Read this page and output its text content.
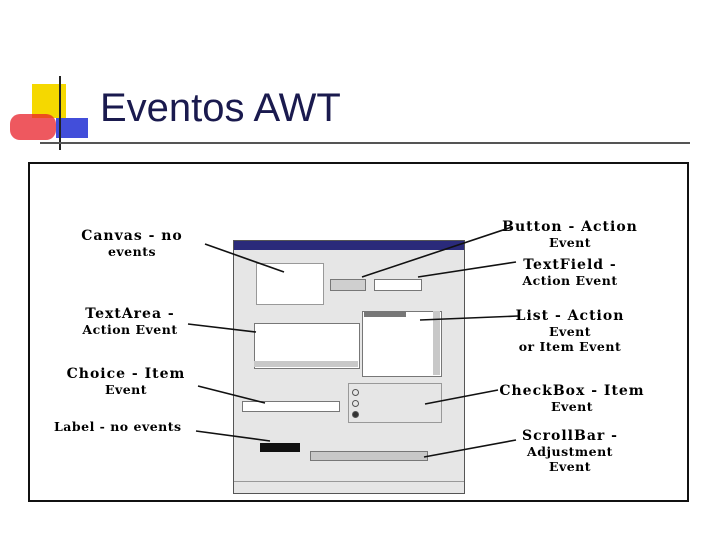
Eventos AWT
Canvas - no
events
TextArea -
Action Event
Choice - Item
Event
Label - no events
Button - Action
Event
TextField -
Action Event
List - Action
Event
or Item Event
CheckBox - Item
Event
ScrollBar -
Adjustment
Event
